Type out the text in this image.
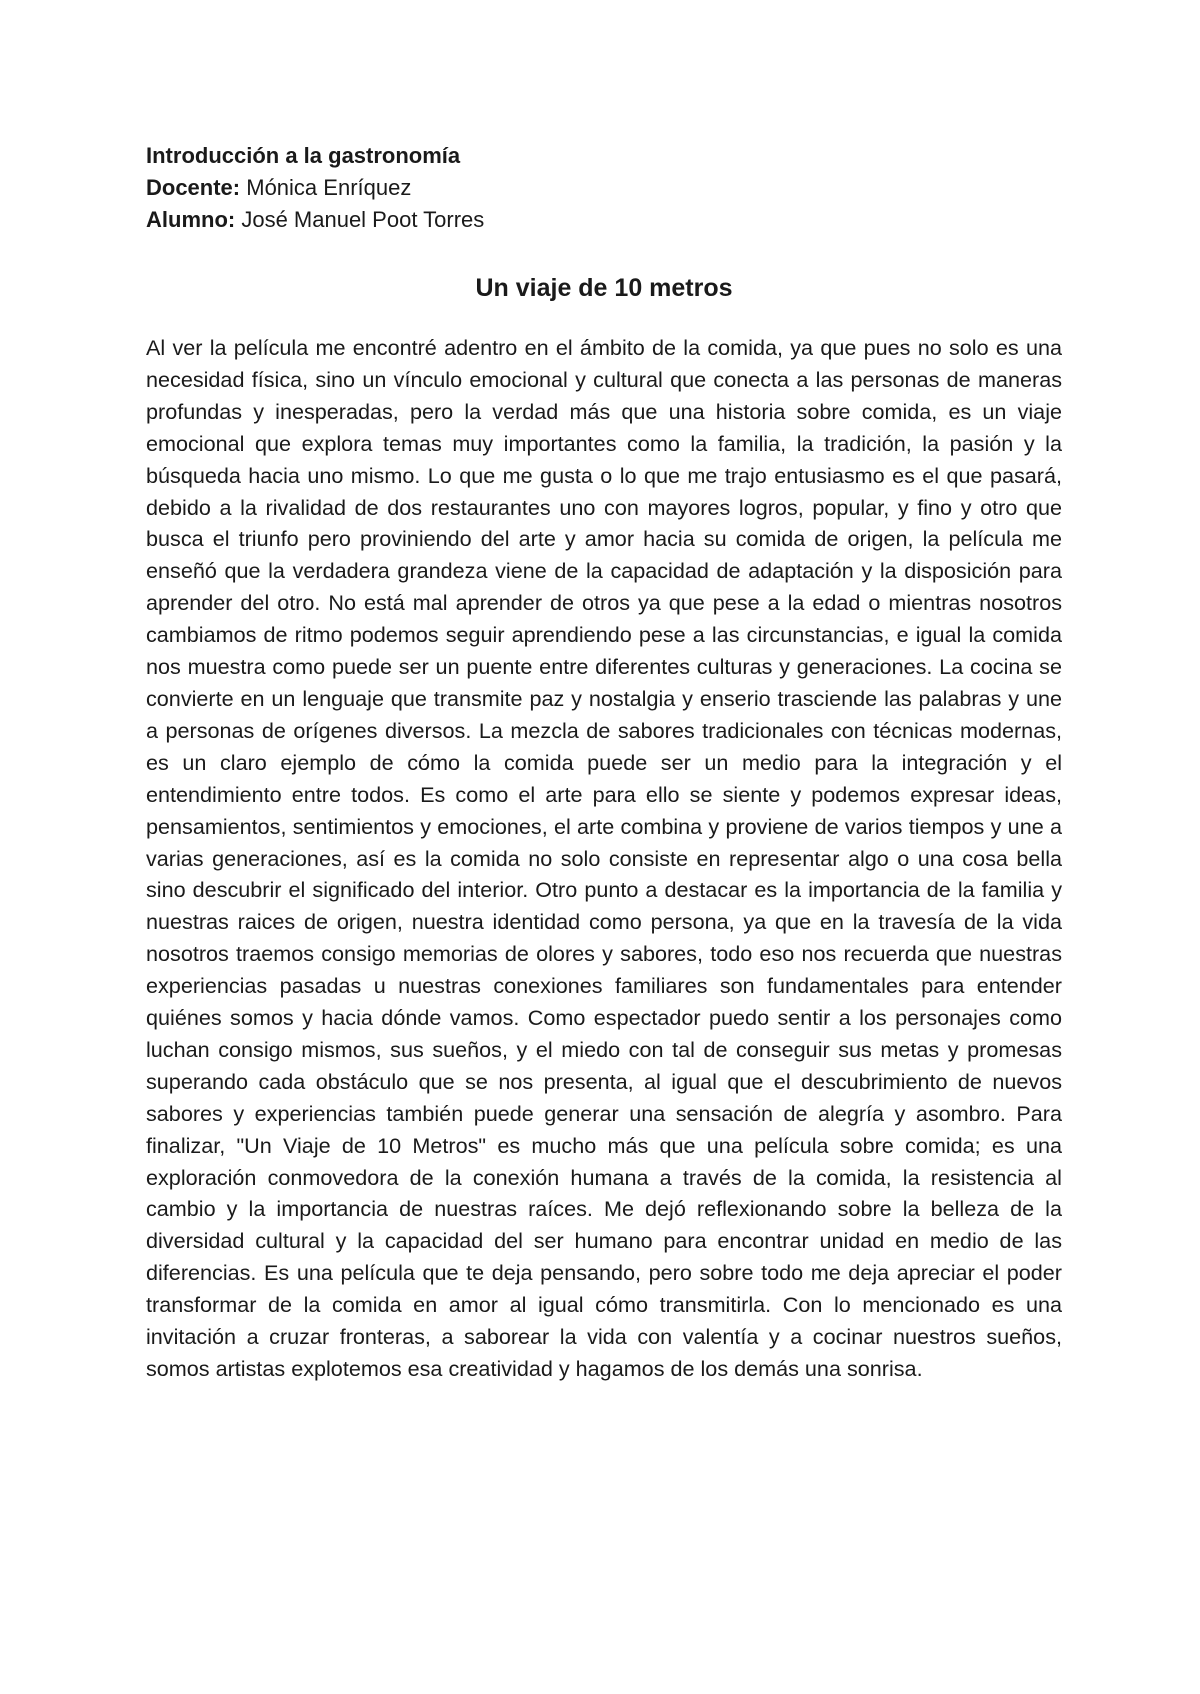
Introducción a la gastronomía

Docente: Mónica Enríquez

Alumno: José Manuel Poot Torres

Un viaje de 10 metros

Al ver la película me encontré adentro en el ámbito de la comida, ya que pues no solo es una necesidad física, sino un vínculo emocional y cultural que conecta a las personas de maneras profundas y inesperadas, pero la verdad más que una historia sobre comida, es un viaje emocional que explora temas muy importantes como la familia, la tradición, la pasión y la búsqueda hacia uno mismo. Lo que me gusta o lo que me trajo entusiasmo es el que pasará, debido a la rivalidad de dos restaurantes uno con mayores logros, popular, y fino y otro que busca el triunfo pero proviniendo del arte y amor hacia su comida de origen, la película me enseñó que la verdadera grandeza viene de la capacidad de adaptación y la disposición para aprender del otro. No está mal aprender de otros ya que pese a la edad o mientras nosotros cambiamos de ritmo podemos seguir aprendiendo pese a las circunstancias, e igual la comida nos muestra como puede ser un puente entre diferentes culturas y generaciones. La cocina se convierte en un lenguaje que transmite paz y nostalgia y enserio trasciende las palabras y une a personas de orígenes diversos. La mezcla de sabores tradicionales con técnicas modernas, es un claro ejemplo de cómo la comida puede ser un medio para la integración y el entendimiento entre todos. Es como el arte para ello se siente y podemos expresar ideas, pensamientos, sentimientos y emociones, el arte combina y proviene de varios tiempos y une a varias generaciones, así es la comida no solo consiste en representar algo o una cosa bella sino descubrir el significado del interior. Otro punto a destacar es la importancia de la familia y nuestras raices de origen, nuestra identidad como persona, ya que en la travesía de la vida nosotros traemos consigo memorias de olores y sabores, todo eso nos recuerda que nuestras experiencias pasadas u nuestras conexiones familiares son fundamentales para entender quiénes somos y hacia dónde vamos. Como espectador puedo sentir a los personajes como luchan consigo mismos, sus sueños, y el miedo con tal de conseguir sus metas y promesas superando cada obstáculo que se nos presenta, al igual que el descubrimiento de nuevos sabores y experiencias también puede generar una sensación de alegría y asombro. Para finalizar, "Un Viaje de 10 Metros" es mucho más que una película sobre comida; es una exploración conmovedora de la conexión humana a través de la comida, la resistencia al cambio y la importancia de nuestras raíces. Me dejó reflexionando sobre la belleza de la diversidad cultural y la capacidad del ser humano para encontrar unidad en medio de las diferencias. Es una película que te deja pensando, pero sobre todo me deja apreciar el poder transformar de la comida en amor al igual cómo transmitirla. Con lo mencionado es una invitación a cruzar fronteras, a saborear la vida con valentía y a cocinar nuestros sueños, somos artistas explotemos esa creatividad y hagamos de los demás una sonrisa.
